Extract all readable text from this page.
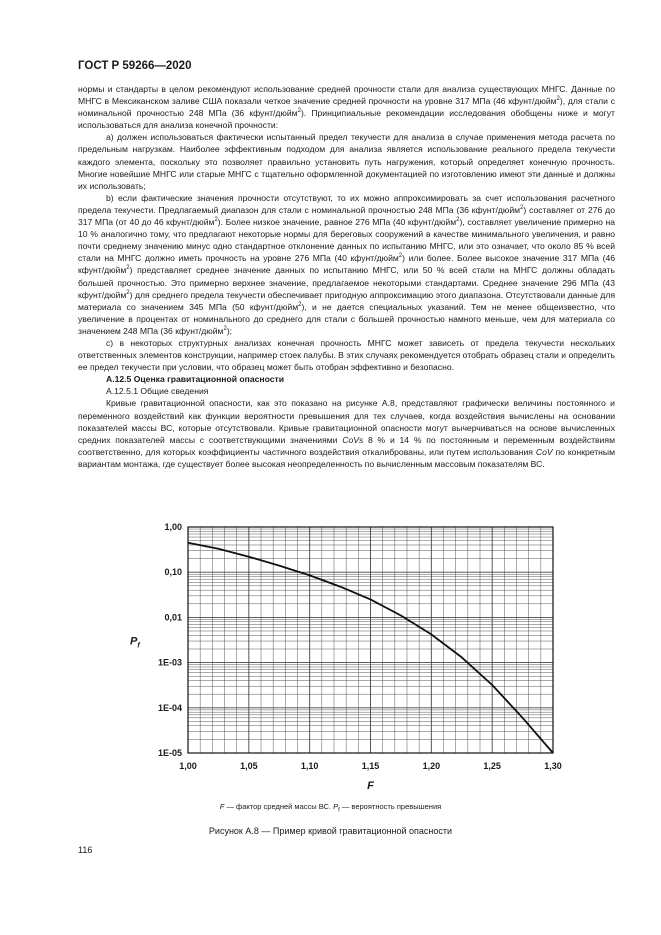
ГОСТ Р 59266—2020

нормы и стандарты в целом рекомендуют использование средней прочности стали для анализа существующих МНГС. Данные по МНГС в Мексиканском заливе США показали четкое значение средней прочности на уровне 317 МПа (46 кфунт/дюйм$^2$), для стали с номинальной прочностью 248 МПа (36 кфунт/дюйм$^2$). Принципиальные рекомендации исследования обобщены ниже и могут использоваться для анализа конечной прочности:

a) должен использоваться фактически испытанный предел текучести для анализа в случае применения метода расчета по предельным нагрузкам. Наиболее эффективным подходом для анализа является использование реального предела текучести каждого элемента, поскольку это позволяет правильно установить путь нагружения, который определяет конечную прочность. Многие новейшие МНГС или старые МНГС с тщательно оформленной документацией по изготовлению имеют эти данные и должны их использовать;

b) если фактические значения прочности отсутствуют, то их можно аппроксимировать за счет использования расчетного предела текучести. Предлагаемый диапазон для стали с номинальной прочностью 248 МПа (36 кфунт/дюйм$^2$) составляет от 276 до 317 МПа (от 40 до 46 кфунт/дюйм$^2$). Более низкое значение, равное 276 МПа (40 кфунт/дюйм$^2$), составляет увеличение примерно на 10 % аналогично тому, что предлагают некоторые нормы для береговых сооружений в качестве минимального увеличения, и равно почти среднему значению минус одно стандартное отклонение данных по испытанию МНГС, или это означает, что около 85 % всей стали на МНГС должно иметь прочность на уровне 276 МПа (40 кфунт/дюйм$^2$) или более. Более высокое значение 317 МПа (46 кфунт/дюйм$^2$) представляет среднее значение данных по испытанию МНГС, или 50 % всей стали на МНГС должны обладать большей прочностью. Это примерно верхнее значение, предлагаемое некоторыми стандартами. Среднее значение 296 МПа (43 кфунт/дюйм$^2$) для среднего предела текучести обеспечивает пригодную аппроксимацию этого диапазона. Отсутствовали данные для материала со значением 345 МПа (50 кфунт/дюйм$^2$), и не дается специальных указаний. Тем не менее общеизвестно, что увеличение в процентах от номинального до среднего для стали с большей прочностью намного меньше, чем для материала со значением 248 МПа (36 кфунт/дюйм$^2$);

c) в некоторых структурных анализах конечная прочность МНГС может зависеть от предела текучести нескольких ответственных элементов конструкции, например стоек палубы. В этих случаях рекомендуется отобрать образец стали и определить ее предел текучести при условии, что образец может быть отобран эффективно и безопасно.

A.12.5 Оценка гравитационной опасности

A.12.5.1 Общие сведения

Кривые гравитационной опасности, как это показано на рисунке A.8, представляют графически величины постоянного и переменного воздействий как функции вероятности превышения для тех случаев, когда воздействия вычислены на основании показателей массы ВС, которые отсутствовали. Кривые гравитационной опасности могут вычерчиваться на основе вычисленных средних показателей массы с соответствующими значениями CoVs 8 % и 14 % по постоянным и переменным воздействиям соответственно, для которых коэффициенты частичного воздействия откалиброваны, или путем использования CoV по конкретным вариантам монтажа, где существует более высокая неопределенность по вычисленным массовым показателям ВС.

1,00
0,10
0,01
1E-03
1E-04
1E-05
1,00	1,05	1,10	1,15	1,20	1,25	1,30
F
$P_f$
F — фактор средней массы ВС. $P_f$ — вероятность превышения
Рисунок A.8 — Пример кривой гравитационной опасности
116
